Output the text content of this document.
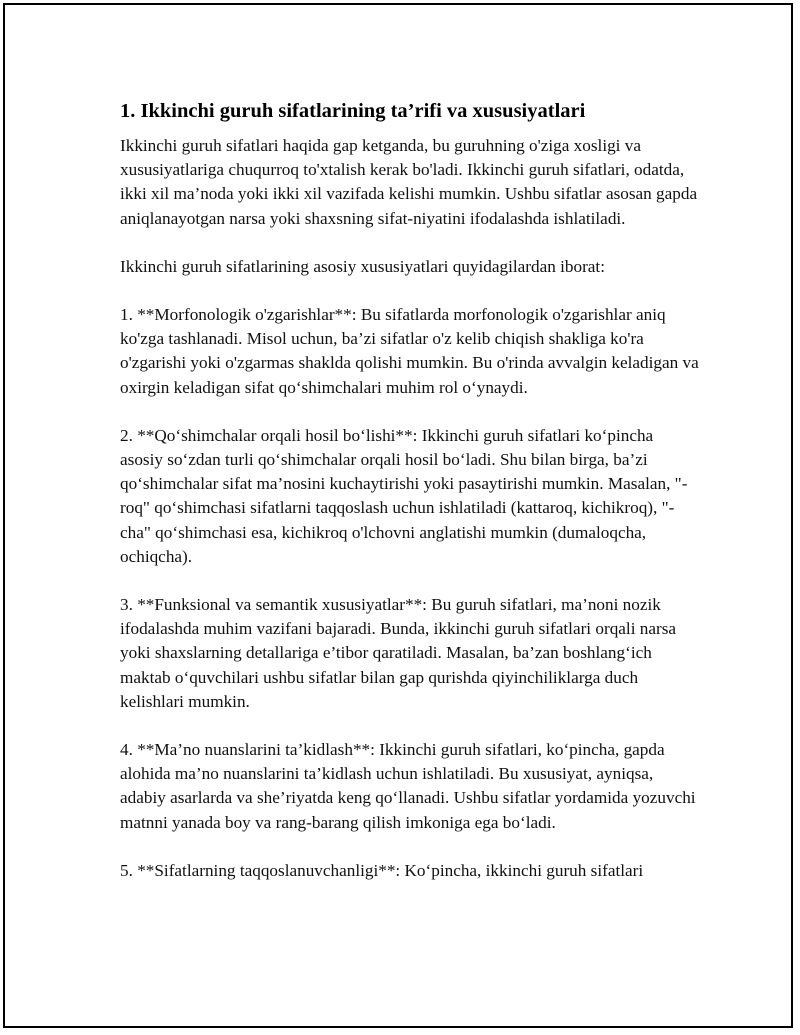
1. Ikkinchi guruh sifatlarining ta’rifi va xususiyatlari

Ikkinchi guruh sifatlari haqida gap ketganda, bu guruhning o'ziga xosligi va xususiyatlariga chuqurroq to'xtalish kerak bo'ladi. Ikkinchi guruh sifatlari, odatda, ikki xil ma’noda yoki ikki xil vazifada kelishi mumkin. Ushbu sifatlar asosan gapda aniqlanayotgan narsa yoki shaxsning sifat-niyatini ifodalashda ishlatiladi.

Ikkinchi guruh sifatlarining asosiy xususiyatlari quyidagilardan iborat:

1. **Morfonologik o'zgarishlar**: Bu sifatlarda morfonologik o'zgarishlar aniq ko'zga tashlanadi. Misol uchun, ba’zi sifatlar o'z kelib chiqish shakliga ko'ra o'zgarishi yoki o'zgarmas shaklda qolishi mumkin. Bu o'rinda avvalgin keladigan va oxirgin keladigan sifat qo‘shimchalari muhim rol o‘ynaydi.

2. **Qo‘shimchalar orqali hosil bo‘lishi**: Ikkinchi guruh sifatlari ko‘pincha asosiy so‘zdan turli qo‘shimchalar orqali hosil bo‘ladi. Shu bilan birga, ba’zi qo‘shimchalar sifat ma’nosini kuchaytirishi yoki pasaytirishi mumkin. Masalan, "-roq" qo‘shimchasi sifatlarni taqqoslash uchun ishlatiladi (kattaroq, kichikroq), "-cha" qo‘shimchasi esa, kichikroq o'lchovni anglatishi mumkin (dumaloqcha, ochiqcha).

3. **Funksional va semantik xususiyatlar**: Bu guruh sifatlari, ma’noni nozik ifodalashda muhim vazifani bajaradi. Bunda, ikkinchi guruh sifatlari orqali narsa yoki shaxslarning detallariga e’tibor qaratiladi. Masalan, ba’zan boshlang‘ich maktab o‘quvchilari ushbu sifatlar bilan gap qurishda qiyinchiliklarga duch kelishlari mumkin.

4. **Ma’no nuanslarini ta’kidlash**: Ikkinchi guruh sifatlari, ko‘pincha, gapda alohida ma’no nuanslarini ta’kidlash uchun ishlatiladi. Bu xususiyat, ayniqsa, adabiy asarlarda va she’riyatda keng qo‘llanadi. Ushbu sifatlar yordamida yozuvchi matnni yanada boy va rang-barang qilish imkoniga ega bo‘ladi.

5. **Sifatlarning taqqoslanuvchanligi**: Ko‘pincha, ikkinchi guruh sifatlari
